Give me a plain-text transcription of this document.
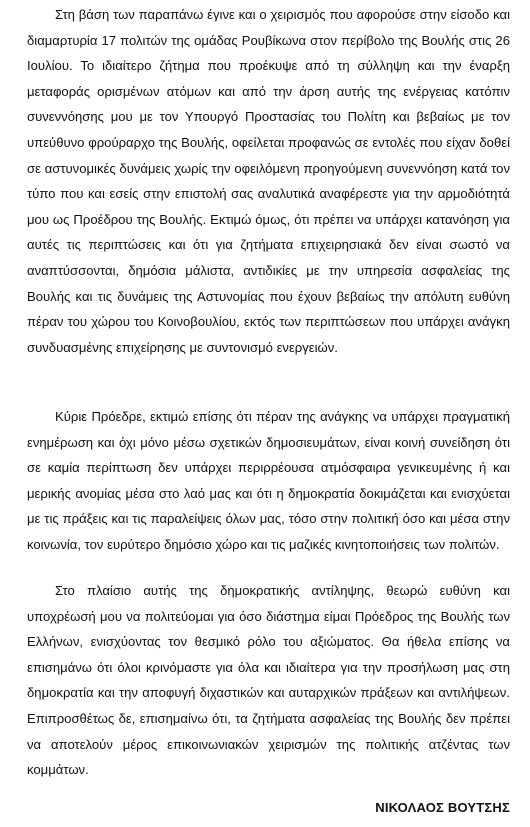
Στη βάση των παραπάνω έγινε και ο χειρισμός που αφορούσε στην είσοδο και διαμαρτυρία 17 πολιτών της ομάδας Ρουβίκωνα στον περίβολο της Βουλής στις 26 Ιουλίου. Το ιδιαίτερο ζήτημα που προέκυψε από τη σύλληψη και την έναρξη μεταφοράς ορισμένων ατόμων και από την άρση αυτής της ενέργειας κατόπιν συνεννόησης μου με τον Υπουργό Προστασίας του Πολίτη και βεβαίως με τον υπεύθυνο φρούραρχο της Βουλής, οφείλεται προφανώς σε εντολές που είχαν δοθεί σε αστυνομικές δυνάμεις χωρίς την οφειλόμενη προηγούμενη συνεννόηση κατά τον τύπο που και εσείς στην επιστολή σας αναλυτικά αναφέρεστε για την αρμοδιότητά μου ως Προέδρου της Βουλής. Εκτιμώ όμως, ότι πρέπει να υπάρχει κατανόηση για αυτές τις περιπτώσεις και ότι για ζητήματα επιχειρησιακά δεν είναι σωστό να αναπτύσσονται, δημόσια μάλιστα, αντιδικίες με την υπηρεσία ασφαλείας της Βουλής και τις δυνάμεις της Αστυνομίας που έχουν βεβαίως την απόλυτη ευθύνη πέραν του χώρου του Κοινοβουλίου, εκτός των περιπτώσεων που υπάρχει ανάγκη συνδυασμένης επιχείρησης με συντονισμό ενεργειών.

Κύριε Πρόεδρε, εκτιμώ επίσης ότι πέραν της ανάγκης να υπάρχει πραγματική ενημέρωση και όχι μόνο μέσω σχετικών δημοσιευμάτων, είναι κοινή συνείδηση ότι σε καμία περίπτωση δεν υπάρχει περιρρέουσα ατμόσφαιρα γενικευμένης ή και μερικής ανομίας μέσα στο λαό μας και ότι η δημοκρατία δοκιμάζεται και ενισχύεται με τις πράξεις και τις παραλείψεις όλων μας, τόσο στην πολιτική όσο και μέσα στην κοινωνία, τον ευρύτερο δημόσιο χώρο και τις μαζικές κινητοποιήσεις των πολιτών.

Στο πλαίσιο αυτής της δημοκρατικής αντίληψης, θεωρώ ευθύνη και υποχρέωσή μου να πολιτεύομαι για όσο διάστημα είμαι Πρόεδρος της Βουλής των Ελλήνων, ενισχύοντας τον θεσμικό ρόλο του αξιώματος. Θα ήθελα επίσης να επισημάνω ότι όλοι κρινόμαστε για όλα και ιδιαίτερα για την προσήλωση μας στη δημοκρατία και την αποφυγή διχαστικών και αυταρχικών πράξεων και αντιλήψεων. Επιπροσθέτως δε, επισημαίνω ότι, τα ζητήματα ασφαλείας της Βουλής δεν πρέπει να αποτελούν μέρος επικοινωνιακών χειρισμών της πολιτικής ατζέντας των κομμάτων.

ΝΙΚΟΛΑΟΣ ΒΟΥΤΣΗΣ
